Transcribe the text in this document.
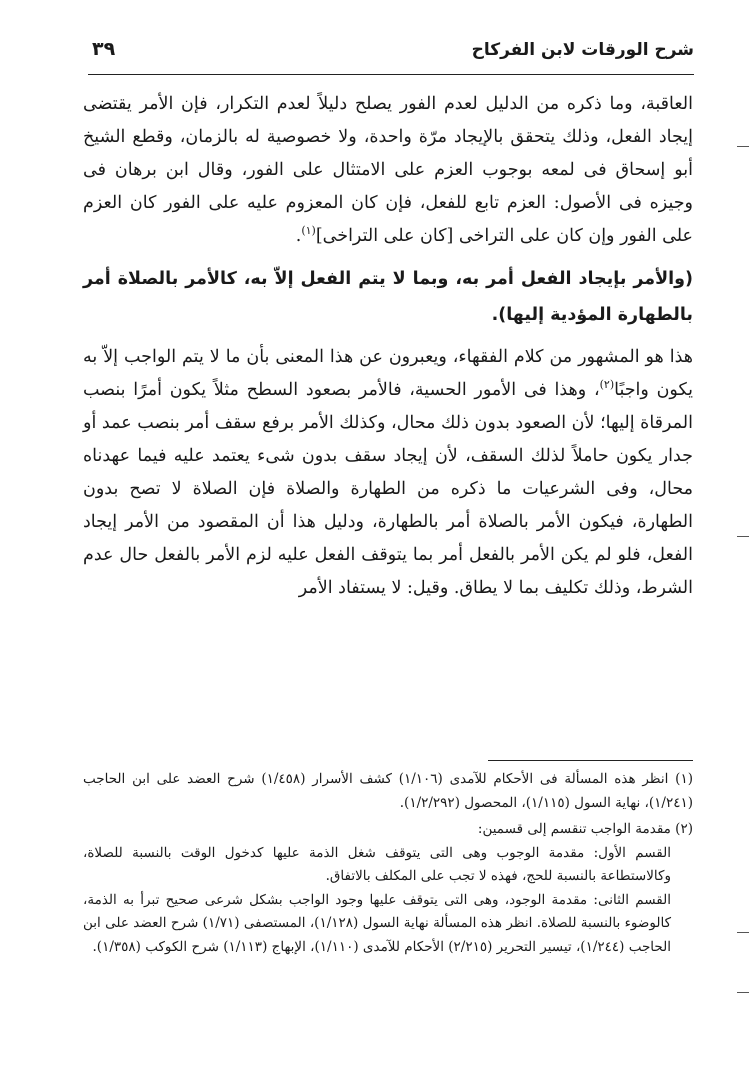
شرح الورقات لابن الفركاح
٣٩

العاقبة، وما ذكره من الدليل لعدم الفور يصلح دليلاً لعدم التكرار، فإن الأمر يقتضى إيجاد الفعل، وذلك يتحقق بالإيجاد مرّة واحدة، ولا خصوصية له بالزمان، وقطع الشيخ أبو إسحاق فى لمعه بوجوب العزم على الامتثال على الفور، وقال ابن برهان فى وجيزه فى الأصول: العزم تابع للفعل، فإن كان المعزوم عليه على الفور كان العزم على الفور وإن كان على التراخى [كان على التراخى]$^{(١)}$.

(والأمر بإيجاد الفعل أمر به، وبما لا يتم الفعل إلاّ به، كالأمر بالصلاة أمر بالطهارة المؤدية إليها).

هذا هو المشهور من كلام الفقهاء، ويعبرون عن هذا المعنى بأن ما لا يتم الواجب إلاّ به يكون واجبًا$^{(٢)}$، وهذا فى الأمور الحسية، فالأمر بصعود السطح مثلاً يكون أمرًا بنصب المرقاة إليها؛ لأن الصعود بدون ذلك محال، وكذلك الأمر برفع سقف أمر بنصب عمد أو جدار يكون حاملاً لذلك السقف، لأن إيجاد سقف بدون شىء يعتمد عليه فيما عهدناه محال، وفى الشرعيات ما ذكره من الطهارة والصلاة فإن الصلاة لا تصح بدون الطهارة، فيكون الأمر بالصلاة أمر بالطهارة، ودليل هذا أن المقصود من الأمر إيجاد الفعل، فلو لم يكن الأمر بالفعل أمر بما يتوقف الفعل عليه لزم الأمر بالفعل حال عدم الشرط، وذلك تكليف بما لا يطاق. وقيل: لا يستفاد الأمر

(١) انظر هذه المسألة فى الأحكام للآمدى (١/١٠٦) كشف الأسرار (١/٤٥٨) شرح العضد على ابن الحاجب (١/٢٤١)، نهاية السول (١/١١٥)، المحصول (١/٢/٢٩٢).

(٢) مقدمة الواجب تنقسم إلى قسمين:
القسم الأول: مقدمة الوجوب وهى التى يتوقف شغل الذمة عليها كدخول الوقت بالنسبة للصلاة، وكالاستطاعة بالنسبة للحج، فهذه لا تجب على المكلف بالاتفاق.
القسم الثانى: مقدمة الوجود، وهى التى يتوقف عليها وجود الواجب بشكل شرعى صحيح تبرأ به الذمة، كالوضوء بالنسبة للصلاة. انظر هذه المسألة نهاية السول (١/١٢٨)، المستصفى (١/٧١) شرح العضد على ابن الحاجب (١/٢٤٤)، تيسير التحرير (٢/٢١٥) الأحكام للآمدى (١/١١٠)، الإبهاج (١/١١٣) شرح الكوكب (١/٣٥٨).
